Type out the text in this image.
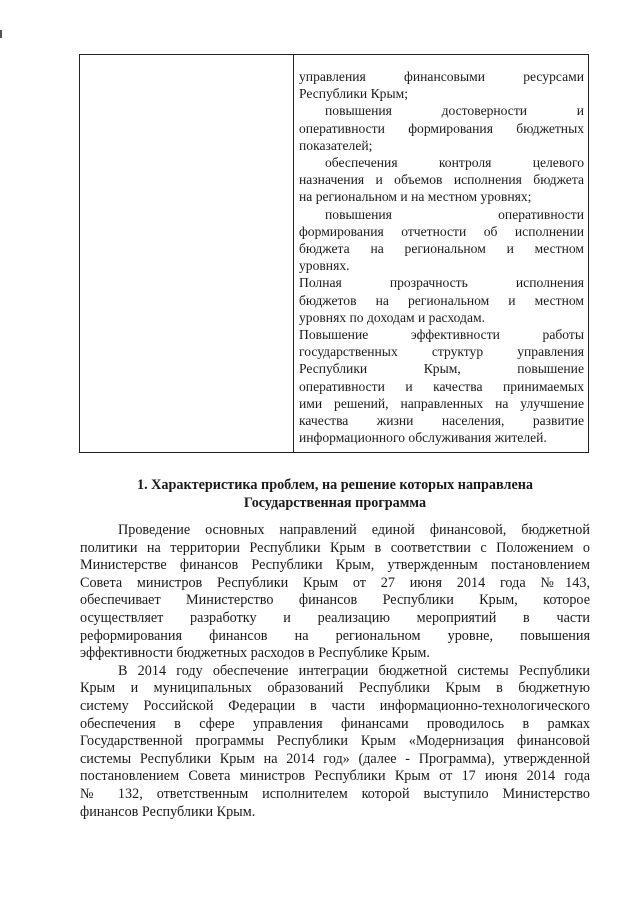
управления финансовыми ресурсами
Республики Крым;
повышения достоверности и
оперативности формирования бюджетных
показателей;
обеспечения контроля целевого
назначения и объемов исполнения бюджета
на региональном и на местном уровнях;
повышения оперативности
формирования отчетности об исполнении
бюджета на региональном и местном
уровнях.
Полная прозрачность исполнения
бюджетов на региональном и местном
уровнях по доходам и расходам.
Повышение эффективности работы
государственных структур управления
Республики Крым, повышение
оперативности и качества принимаемых
ими решений, направленных на улучшение
качества жизни населения, развитие
информационного обслуживания жителей.
1. Характеристика проблем, на решение которых направлена
Государственная программа
Проведение основных направлений единой финансовой, бюджетной
политики на территории Республики Крым в соответствии с Положением о
Министерстве финансов Республики Крым, утвержденным постановлением
Совета министров Республики Крым от 27 июня 2014 года №143,
обеспечивает Министерство финансов Республики Крым, которое
осуществляет разработку и реализацию мероприятий в части
реформирования финансов на региональном уровне, повышения
эффективности бюджетных расходов в Республике Крым.
В 2014 году обеспечение интеграции бюджетной системы Республики
Крым и муниципальных образований Республики Крым в бюджетную
систему Российской Федерации в части информационно-технологического
обеспечения в сфере управления финансами проводилось в рамках
Государственной программы Республики Крым «Модернизация финансовой
системы Республики Крым на 2014 год» (далее - Программа), утвержденной
постановлением Совета министров Республики Крым от 17 июня 2014 года
№ 132, ответственным исполнителем которой выступило Министерство
финансов Республики Крым.
